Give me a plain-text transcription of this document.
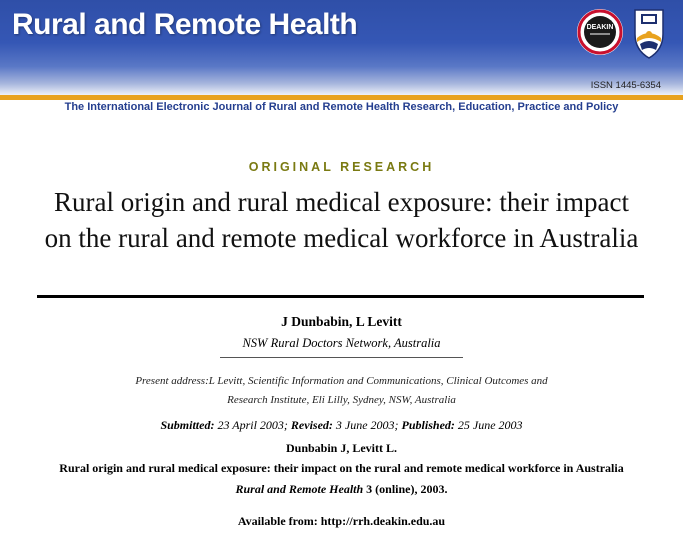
Rural and Remote Health	DEAKIN
ISSN 1445-6354
The International Electronic Journal of Rural and Remote Health Research, Education, Practice and Policy
ORIGINAL RESEARCH
Rural origin and rural medical exposure: their impact on the rural and remote medical workforce in Australia
J Dunbabin, L Levitt
NSW Rural Doctors Network, Australia
Present address:L Levitt, Scientific Information and Communications, Clinical Outcomes and
Research Institute, Eli Lilly, Sydney, NSW, Australia
Submitted: 23 April 2003; Revised: 3 June 2003; Published: 25 June 2003
Dunbabin J, Levitt L.
Rural origin and rural medical exposure: their impact on the rural and remote medical workforce in Australia
Rural and Remote Health 3 (online), 2003.
Available from: http://rrh.deakin.edu.au
